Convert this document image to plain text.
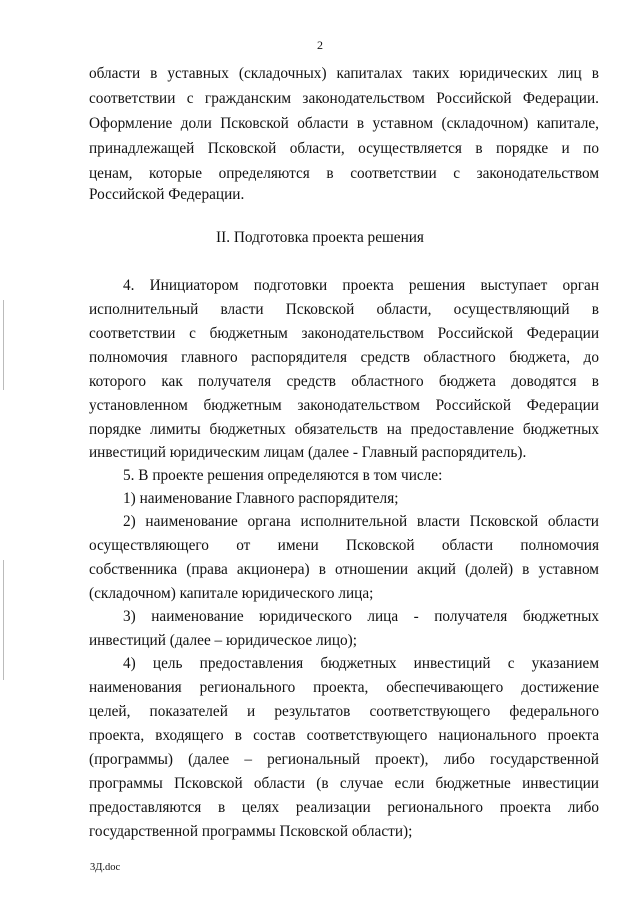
2
области в уставных (складочных) капиталах таких юридических лиц в
соответствии с гражданским законодательством Российской Федерации.
Оформление доли Псковской области в уставном (складочном) капитале,
принадлежащей Псковской области, осуществляется в порядке и по
ценам, которые определяются в соответствии с законодательством
Российской Федерации.
II. Подготовка проекта решения
4. Инициатором подготовки проекта решения выступает орган
исполнительный власти Псковской области, осуществляющий в
соответствии с бюджетным законодательством Российской Федерации
полномочия главного распорядителя средств областного бюджета, до
которого как получателя средств областного бюджета доводятся в
установленном бюджетным законодательством Российской Федерации
порядке лимиты бюджетных обязательств на предоставление бюджетных
инвестиций юридическим лицам (далее - Главный распорядитель).
5. В проекте решения определяются в том числе:
1) наименование Главного распорядителя;
2) наименование органа исполнительной власти Псковской области
осуществляющего от имени Псковской области полномочия
собственника (права акционера) в отношении акций (долей) в уставном
(складочном) капитале юридического лица;
3) наименование юридического лица - получателя бюджетных
инвестиций (далее – юридическое лицо);
4) цель предоставления бюджетных инвестиций с указанием
наименования регионального проекта, обеспечивающего достижение
целей, показателей и результатов соответствующего федерального
проекта, входящего в состав соответствующего национального проекта
(программы) (далее – региональный проект), либо государственной
программы Псковской области (в случае если бюджетные инвестиции
предоставляются в целях реализации регионального проекта либо
государственной программы Псковской области);
3Д.doc
